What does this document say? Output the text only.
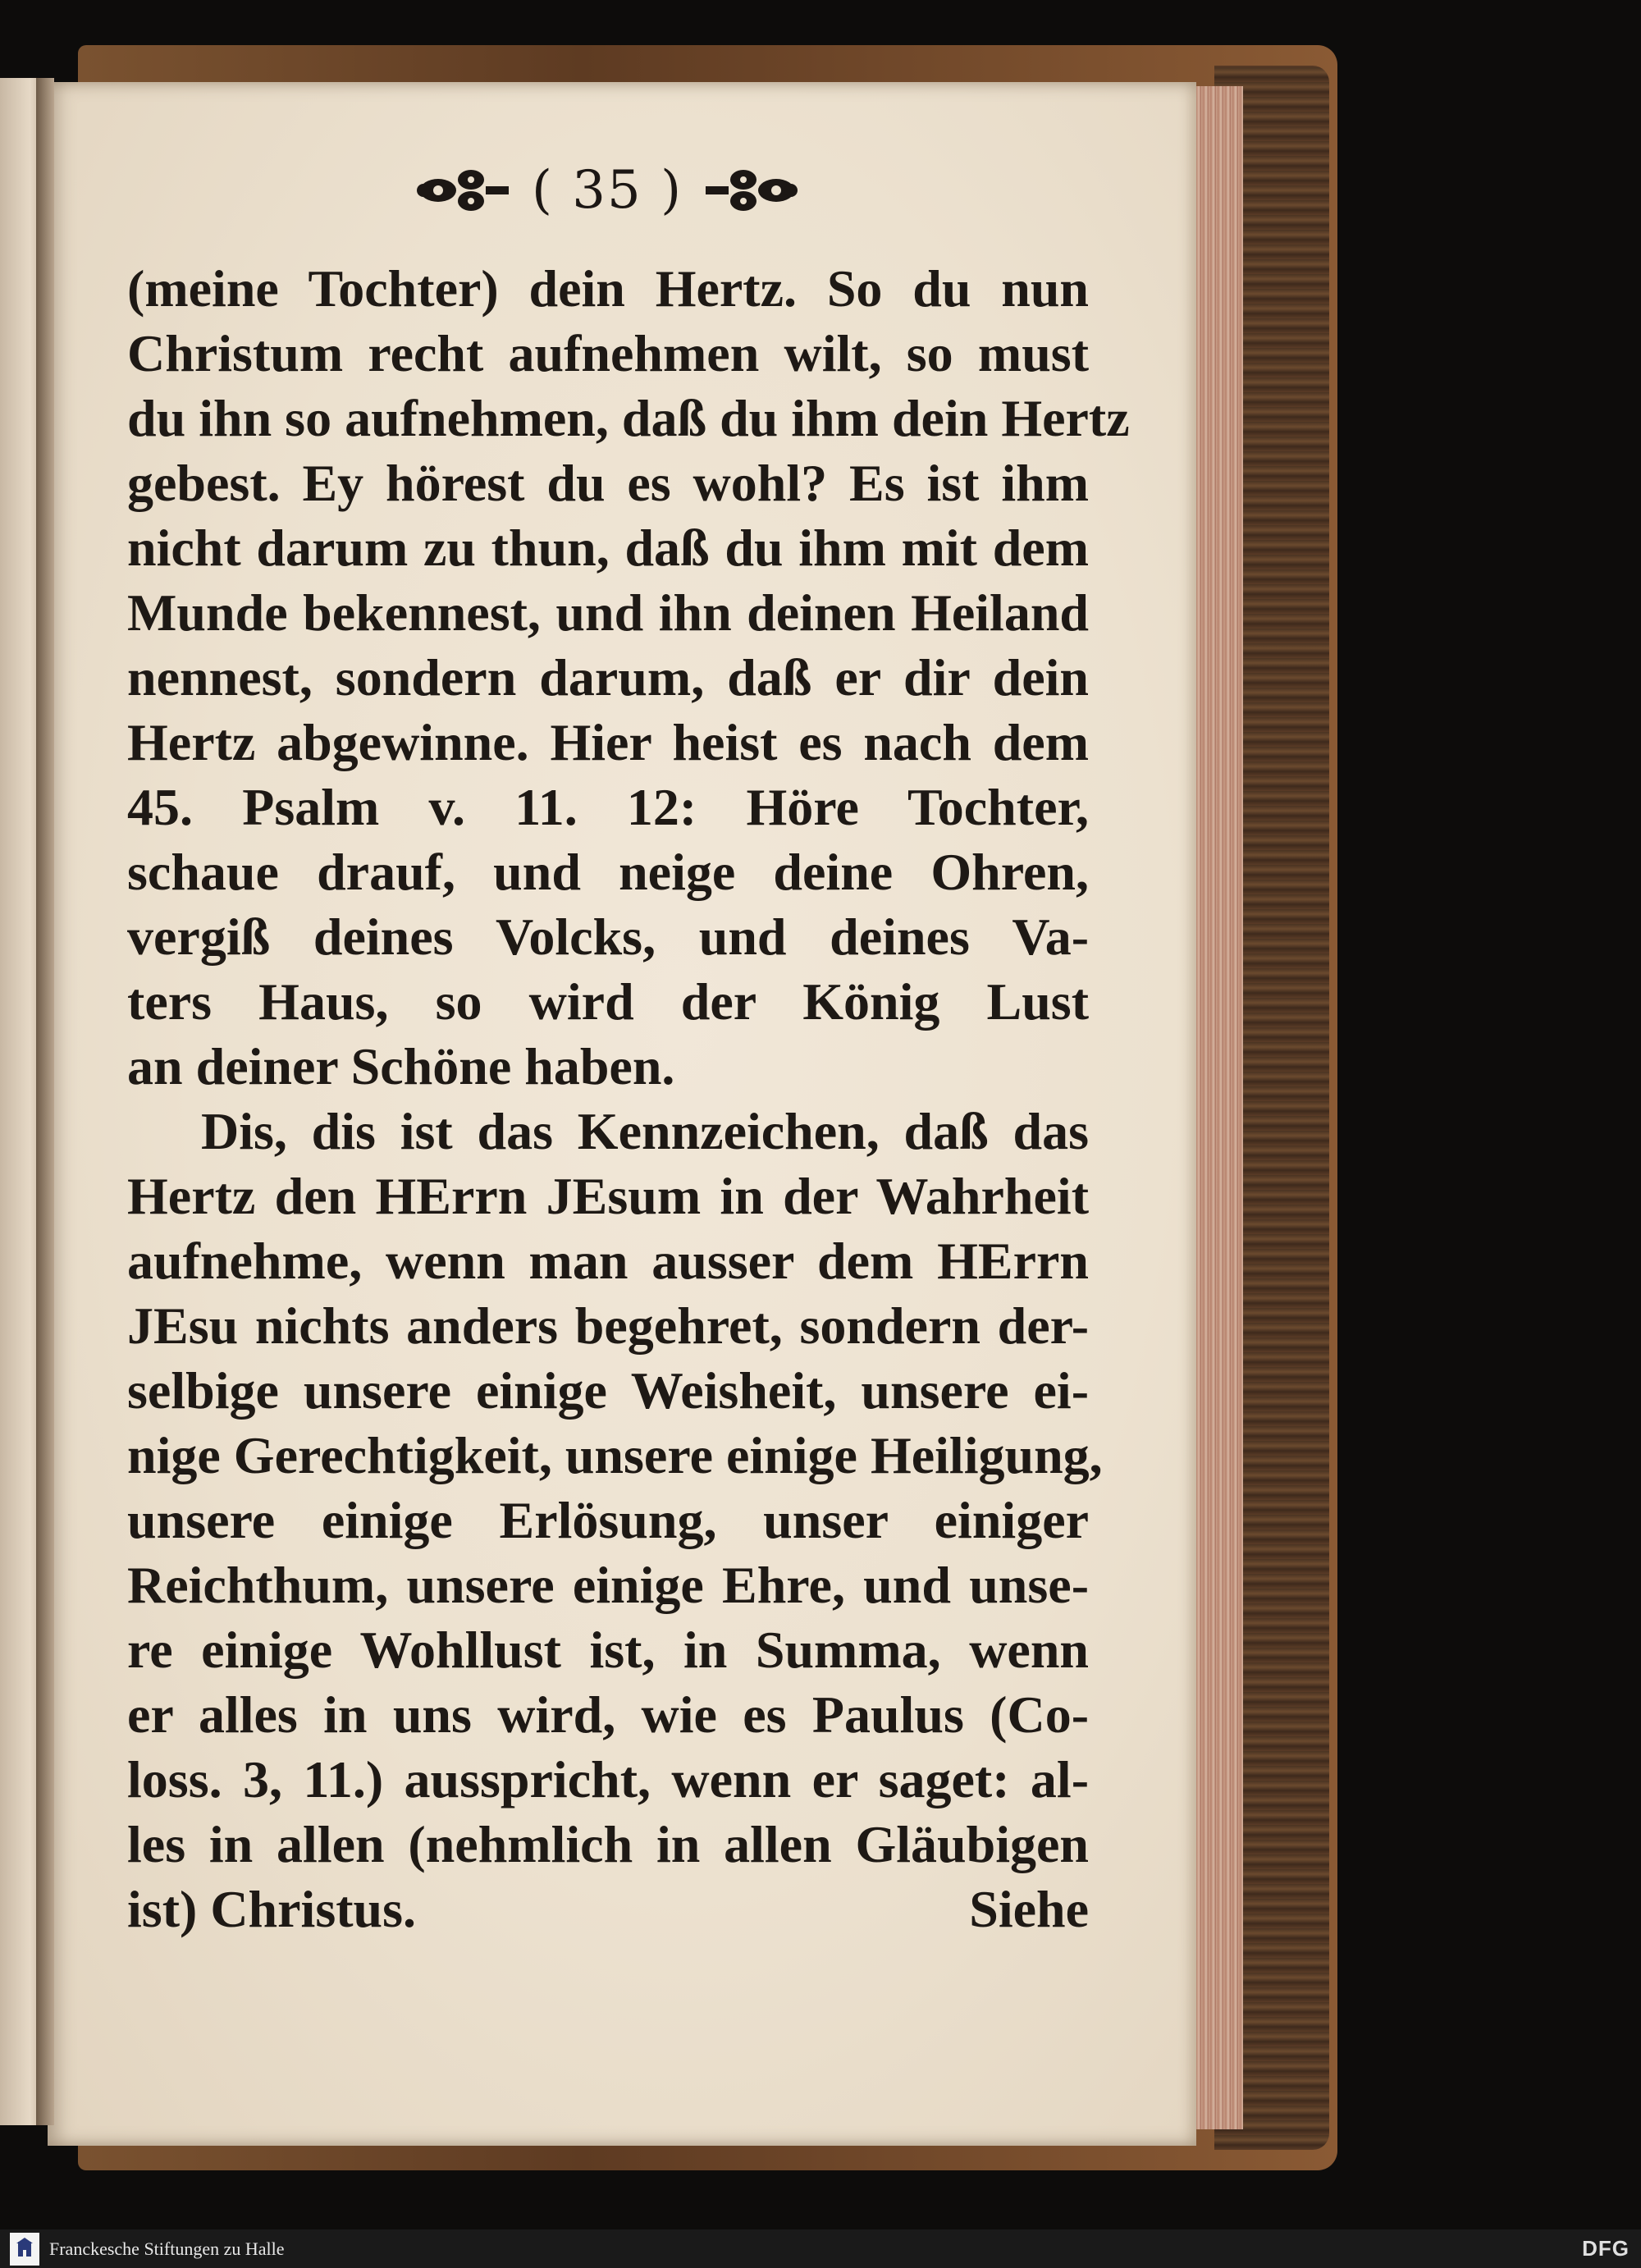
( 35 )
(meine Tochter) dein Hertz. So du nun
Christum recht aufnehmen wilt, so must
du ihn so aufnehmen, daß du ihm dein Hertz
gebest. Ey hörest du es wohl? Es ist ihm
nicht darum zu thun, daß du ihm mit dem
Munde bekennest, und ihn deinen Heiland
nennest, sondern darum, daß er dir dein
Hertz abgewinne. Hier heist es nach dem
45. Psalm v. 11. 12: Höre Tochter,
schaue drauf, und neige deine Ohren,
vergiß deines Volcks, und deines Va-
ters Haus, so wird der König Lust
an deiner Schöne haben.
Dis, dis ist das Kennzeichen, daß das
Hertz den HErrn JEsum in der Wahrheit
aufnehme, wenn man ausser dem HErrn
JEsu nichts anders begehret, sondern der-
selbige unsere einige Weisheit, unsere ei-
nige Gerechtigkeit, unsere einige Heiligung,
unsere einige Erlösung, unser einiger
Reichthum, unsere einige Ehre, und unse-
re einige Wohllust ist, in Summa, wenn
er alles in uns wird, wie es Paulus (Co-
loss. 3, 11.) ausspricht, wenn er saget: al-
les in allen (nehmlich in allen Gläubigen
ist) Christus.	Siehe
Franckesche Stiftungen zu Halle	DFG
